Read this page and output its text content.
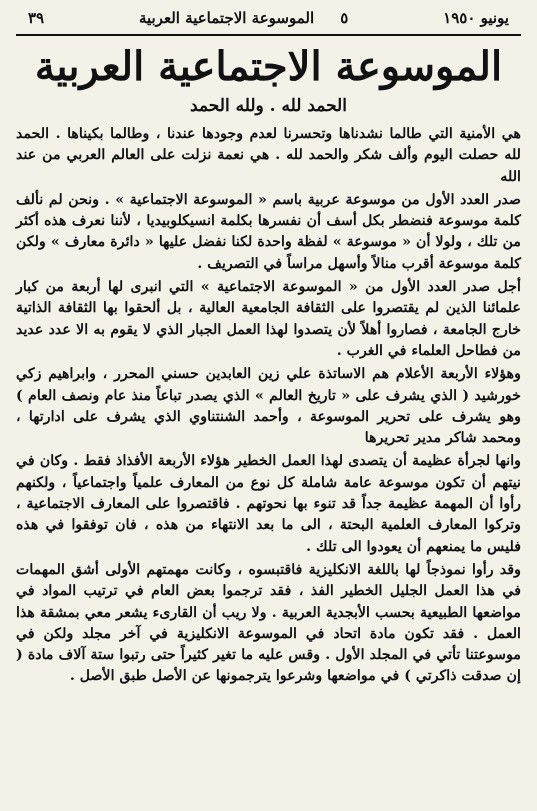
٣٩	٥     الموسوعة الاجتماعية العربية	يونيو ١٩٥٠
الموسوعة الاجتماعية العربية
الحمد لله . ولله الحمد

هي الأمنية التي طالما نشدناها وتحسرنا لعدم وجودها عندنا ، وطالما بكيناها . الحمد لله حصلت اليوم وألف شكر والحمد لله . هي نعمة نزلت على العالم العربي من عند الله

صدر العدد الأول من موسوعة عربية باسم « الموسوعة الاجتماعية » . ونحن لم نألف كلمة موسوعة فنضطر بكل أسف أن نفسرها بكلمة انسيكلوبيديا ، لأننا نعرف هذه أكثر من تلك ، ولولا أن « موسوعة » لفظة واحدة لكنا نفضل عليها « دائرة معارف » ولكن كلمة موسوعة أقرب منالاً وأسهل مراساً في التصريف .

أجل صدر العدد الأول من « الموسوعة الاجتماعية » التي انبرى لها أربعة من كبار علمائنا الذين لم يقتصروا على الثقافة الجامعية العالية ، بل ألحقوا بها الثقافة الذاتية خارج الجامعة ، فصاروا أهلاً لأن يتصدوا لهذا العمل الجبار الذي لا يقوم به الا عدد عديد من فطاحل العلماء في الغرب .

وهؤلاء الأربعة الأعلام هم الاساتذة علي زين العابدين حسني المحرر ، وابراهيم زكي خورشيد ( الذي يشرف على « تاريخ العالم » الذي يصدر تباعاً منذ عام ونصف العام ) وهو يشرف على تحرير الموسوعة ، وأحمد الشنتناوي الذي يشرف على ادارتها ، ومحمد شاكر مدير تحريرها

وانها لجرأة عظيمة أن يتصدى لهذا العمل الخطير هؤلاء الأربعة الأفذاذ فقط . وكان في نيتهم أن تكون موسوعة عامة شاملة كل نوع من المعارف علمياً واجتماعياً ، ولكنهم رأوا أن المهمة عظيمة جداً قد تنوء بها نحوتهم . فاقتصروا على المعارف الاجتماعية ، وتركوا المعارف العلمية البحتة ، الى ما بعد الانتهاء من هذه ، فان توفقوا في هذه فليس ما يمنعهم أن يعودوا الى تلك .

وقد رأوا نموذجاً لها باللغة الانكليزية فاقتبسوه ، وكانت مهمتهم الأولى أشق المهمات في هذا العمل الجليل الخطير الفذ ، فقد ترجموا بعض العام في ترتيب المواد في مواضعها الطبيعية بحسب الأبجدية العربية . ولا ريب أن القارىء يشعر معي بمشقة هذا العمل . فقد تكون مادة اتحاد في الموسوعة الانكليزية في آخر مجلد ولكن في موسوعتنا تأتي في المجلد الأول . وقس عليه ما تغير كثيراً حتى رتبوا ستة آلاف مادة ( إن صدقت ذاكرتي ) في مواضعها وشرعوا يترجمونها عن الأصل طبق الأصل .
